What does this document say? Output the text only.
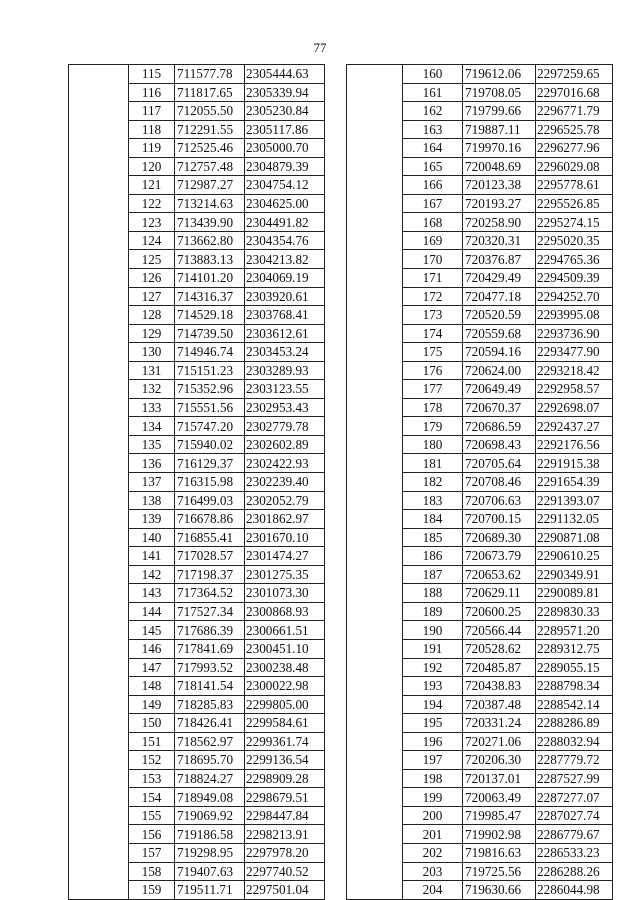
77
	115	711577.78	2305444.63
	116	711817.65	2305339.94
	117	712055.50	2305230.84
	118	712291.55	2305117.86
	119	712525.46	2305000.70
	120	712757.48	2304879.39
	121	712987.27	2304754.12
	122	713214.63	2304625.00
	123	713439.90	2304491.82
	124	713662.80	2304354.76
	125	713883.13	2304213.82
	126	714101.20	2304069.19
	127	714316.37	2303920.61
	128	714529.18	2303768.41
	129	714739.50	2303612.61
	130	714946.74	2303453.24
	131	715151.23	2303289.93
	132	715352.96	2303123.55
	133	715551.56	2302953.43
	134	715747.20	2302779.78
	135	715940.02	2302602.89
	136	716129.37	2302422.93
	137	716315.98	2302239.40
	138	716499.03	2302052.79
	139	716678.86	2301862.97
	140	716855.41	2301670.10
	141	717028.57	2301474.27
	142	717198.37	2301275.35
	143	717364.52	2301073.30
	144	717527.34	2300868.93
	145	717686.39	2300661.51
	146	717841.69	2300451.10
	147	717993.52	2300238.48
	148	718141.54	2300022.98
	149	718285.83	2299805.00
	150	718426.41	2299584.61
	151	718562.97	2299361.74
	152	718695.70	2299136.54
	153	718824.27	2298909.28
	154	718949.08	2298679.51
	155	719069.92	2298447.84
	156	719186.58	2298213.91
	157	719298.95	2297978.20
	158	719407.63	2297740.52
	159	719511.71	2297501.04
	160	719612.06	2297259.65
	161	719708.05	2297016.68
	162	719799.66	2296771.79
	163	719887.11	2296525.78
	164	719970.16	2296277.96
	165	720048.69	2296029.08
	166	720123.38	2295778.61
	167	720193.27	2295526.85
	168	720258.90	2295274.15
	169	720320.31	2295020.35
	170	720376.87	2294765.36
	171	720429.49	2294509.39
	172	720477.18	2294252.70
	173	720520.59	2293995.08
	174	720559.68	2293736.90
	175	720594.16	2293477.90
	176	720624.00	2293218.42
	177	720649.49	2292958.57
	178	720670.37	2292698.07
	179	720686.59	2292437.27
	180	720698.43	2292176.56
	181	720705.64	2291915.38
	182	720708.46	2291654.39
	183	720706.63	2291393.07
	184	720700.15	2291132.05
	185	720689.30	2290871.08
	186	720673.79	2290610.25
	187	720653.62	2290349.91
	188	720629.11	2290089.81
	189	720600.25	2289830.33
	190	720566.44	2289571.20
	191	720528.62	2289312.75
	192	720485.87	2289055.15
	193	720438.83	2288798.34
	194	720387.48	2288542.14
	195	720331.24	2288286.89
	196	720271.06	2288032.94
	197	720206.30	2287779.72
	198	720137.01	2287527.99
	199	720063.49	2287277.07
	200	719985.47	2287027.74
	201	719902.98	2286779.67
	202	719816.63	2286533.23
	203	719725.56	2286288.26
	204	719630.66	2286044.98
